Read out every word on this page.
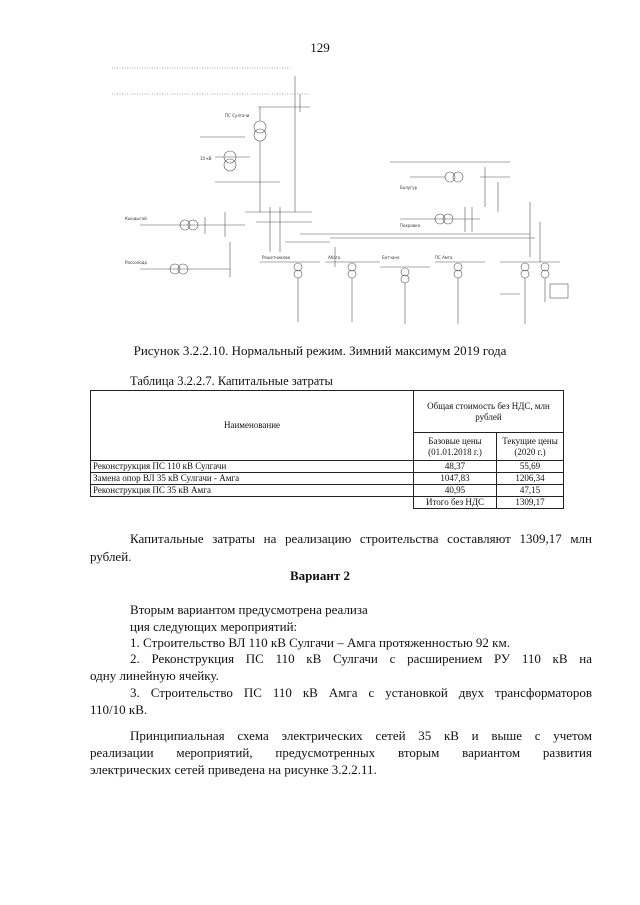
129
ПС Сулгачи
10 кВ
Кындыгай
Рассолода
Болугур
Покровка
Решетниково	Абага	Бетчане	ПС Амга
Рисунок 3.2.2.10. Нормальный режим. Зимний максимум 2019 года
Таблица 3.2.2.7. Капитальные затраты
Наименование	Общая стоимость без НДС, млн рублей	
	Базовые цены (01.01.2018 г.)	Текущие цены (2020 г.)
Реконструкция ПС 110 кВ Сулгачи	48,37	55,69
Замена опор ВЛ 35 кВ Сулгачи - Амга	1047,83	1206,34
Реконструкция ПС 35 кВ Амга	40,95	47,15
	Итого без НДС	1309,17
Капитальные затраты на реализацию строительства составляют 1309,17 млн
рублей.
Вариант 2
Вторым вариантом предусмотрена реализа
ция следующих мероприятий:
1. Строительство ВЛ 110 кВ Сулгачи – Амга протяженностью 92 км.
2. Реконструкция ПС 110 кВ Сулгачи с расширением РУ 110 кВ на
одну линейную ячейку.
3. Строительство ПС 110 кВ Амга с установкой двух трансформаторов
110/10 кВ.
Принципиальная схема электрических сетей 35 кВ и выше с учетом
реализации мероприятий, предусмотренных вторым вариантом развития
электрических сетей приведена на рисунке 3.2.2.11.
